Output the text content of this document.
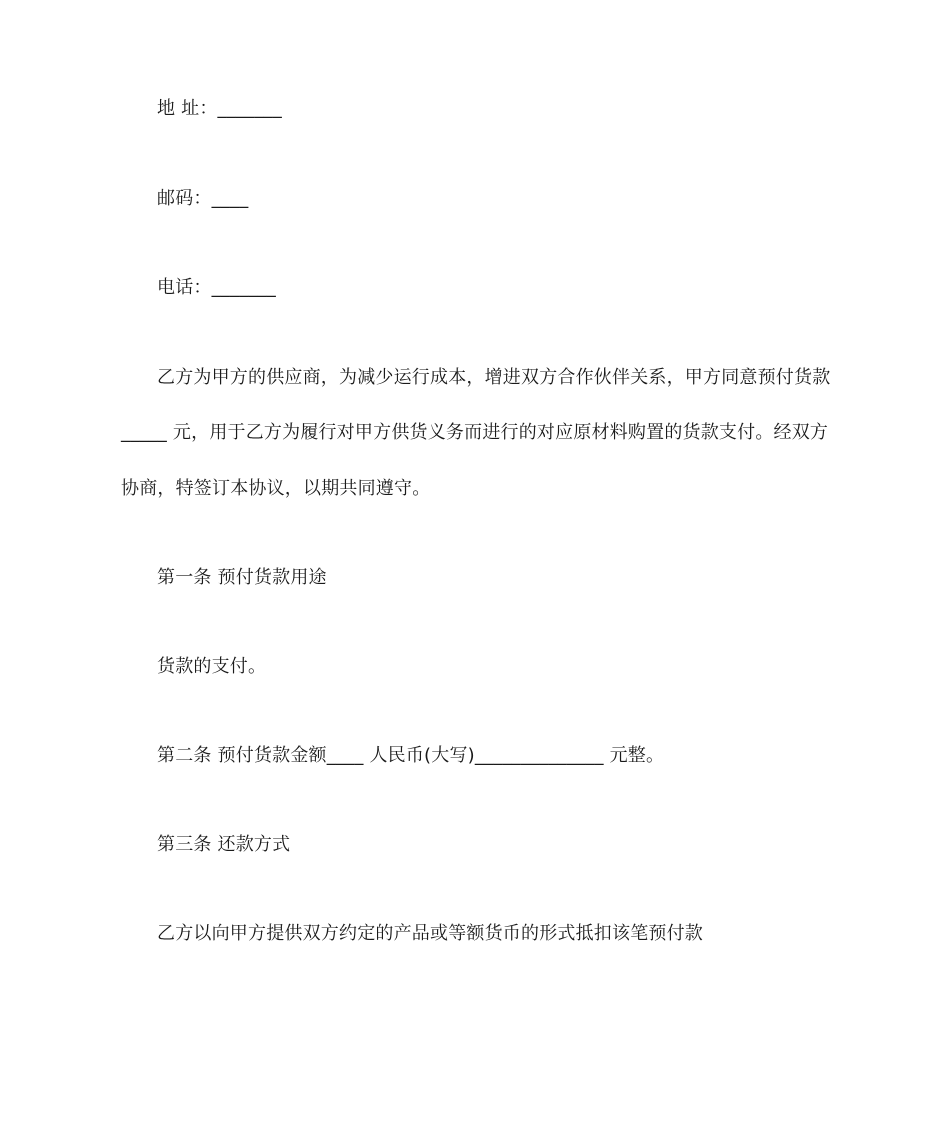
地 址：_______
邮码：____
电话：_______
乙方为甲方的供应商，为减少运行成本，增进双方合作伙伴关系，甲方同意预付货款
_____ 元，用于乙方为履行对甲方供货义务而进行的对应原材料购置的货款支付。经双方
协商，特签订本协议，以期共同遵守。
第一条 预付货款用途
货款的支付。
第二条 预付货款金额____ 人民币(大写)______________ 元整。
第三条 还款方式
乙方以向甲方提供双方约定的产品或等额货币的形式抵扣该笔预付款
